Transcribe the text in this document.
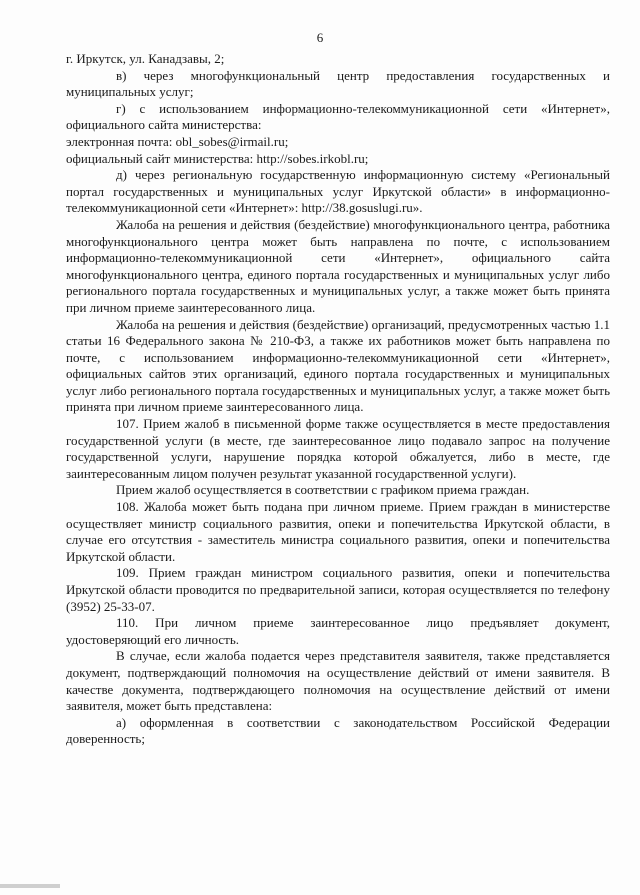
6

г. Иркутск, ул. Канадзавы, 2;

в) через многофункциональный центр предоставления государственных и муниципальных услуг;

г) с использованием информационно-телекоммуникационной сети «Интернет», официального сайта министерства:

электронная почта: obl_sobes@irmail.ru;

официальный сайт министерства: http://sobes.irkobl.ru;

д) через региональную государственную информационную систему «Региональный портал государственных и муниципальных услуг Иркутской области» в информационно-телекоммуникационной сети «Интернет»: http://38.gosuslugi.ru».

Жалоба на решения и действия (бездействие) многофункционального центра, работника многофункционального центра может быть направлена по почте, с использованием информационно-телекоммуникационной сети «Интернет», официального сайта многофункционального центра, единого портала государственных и муниципальных услуг либо регионального портала государственных и муниципальных услуг, а также может быть принята при личном приеме заинтересованного лица.

Жалоба на решения и действия (бездействие) организаций, предусмотренных частью 1.1 статьи 16 Федерального закона № 210-ФЗ, а также их работников может быть направлена по почте, с использованием информационно-телекоммуникационной сети «Интернет», официальных сайтов этих организаций, единого портала государственных и муниципальных услуг либо регионального портала государственных и муниципальных услуг, а также может быть принята при личном приеме заинтересованного лица.

107. Прием жалоб в письменной форме также осуществляется в месте предоставления государственной услуги (в месте, где заинтересованное лицо подавало запрос на получение государственной услуги, нарушение порядка которой обжалуется, либо в месте, где заинтересованным лицом получен результат указанной государственной услуги).

Прием жалоб осуществляется в соответствии с графиком приема граждан.

108. Жалоба может быть подана при личном приеме. Прием граждан в министерстве осуществляет министр социального развития, опеки и попечительства Иркутской области, в случае его отсутствия - заместитель министра социального развития, опеки и попечительства Иркутской области.

109. Прием граждан министром социального развития, опеки и попечительства Иркутской области проводится по предварительной записи, которая осуществляется по телефону (3952) 25-33-07.

110. При личном приеме заинтересованное лицо предъявляет документ, удостоверяющий его личность.

В случае, если жалоба подается через представителя заявителя, также представляется документ, подтверждающий полномочия на осуществление действий от имени заявителя. В качестве документа, подтверждающего полномочия на осуществление действий от имени заявителя, может быть представлена:

а) оформленная в соответствии с законодательством Российской Федерации доверенность;
